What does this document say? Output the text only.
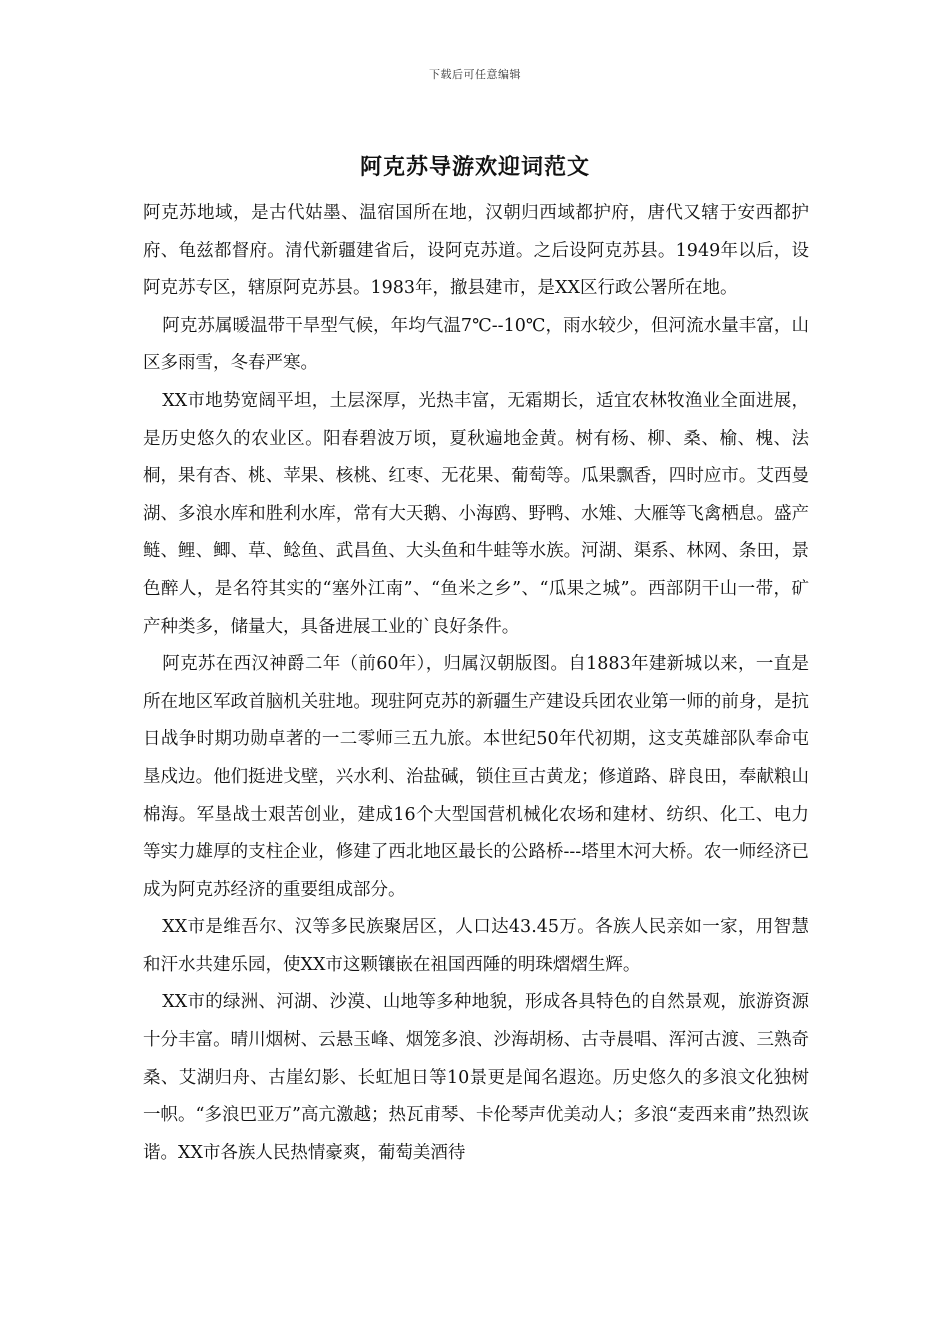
下载后可任意编辑
阿克苏导游欢迎词范文

阿克苏地域，是古代姑墨、温宿国所在地，汉朝归西域都护府，唐代又辖于安西都护府、龟兹都督府。清代新疆建省后，设阿克苏道。之后设阿克苏县。1949年以后，设阿克苏专区，辖原阿克苏县。1983年，撤县建市，是XX区行政公署所在地。

阿克苏属暖温带干旱型气候，年均气温7℃--10℃，雨水较少，但河流水量丰富，山区多雨雪，冬春严寒。

XX市地势宽阔平坦，土层深厚，光热丰富，无霜期长，适宜农林牧渔业全面进展，是历史悠久的农业区。阳春碧波万顷，夏秋遍地金黄。树有杨、柳、桑、榆、槐、法桐，果有杏、桃、苹果、核桃、红枣、无花果、葡萄等。瓜果飘香，四时应市。艾西曼湖、多浪水库和胜利水库，常有大天鹅、小海鸥、野鸭、水雉、大雁等飞禽栖息。盛产鲢、鲤、鲫、草、鲶鱼、武昌鱼、大头鱼和牛蛙等水族。河湖、渠系、林网、条田，景色醉人，是名符其实的“塞外江南”、“鱼米之乡”、“瓜果之城”。西部阴干山一带，矿产种类多，储量大，具备进展工业的`良好条件。

阿克苏在西汉神爵二年（前60年），归属汉朝版图。自1883年建新城以来，一直是所在地区军政首脑机关驻地。现驻阿克苏的新疆生产建设兵团农业第一师的前身，是抗日战争时期功勋卓著的一二零师三五九旅。本世纪50年代初期，这支英雄部队奉命屯垦戍边。他们挺进戈壁，兴水利、治盐碱，锁住亘古黄龙；修道路、辟良田，奉献粮山棉海。军垦战士艰苦创业，建成16个大型国营机械化农场和建材、纺织、化工、电力等实力雄厚的支柱企业，修建了西北地区最长的公路桥---塔里木河大桥。农一师经济已成为阿克苏经济的重要组成部分。

XX市是维吾尔、汉等多民族聚居区，人口达43.45万。各族人民亲如一家，用智慧和汗水共建乐园，使XX市这颗镶嵌在祖国西陲的明珠熠熠生辉。

XX市的绿洲、河湖、沙漠、山地等多种地貌，形成各具特色的自然景观，旅游资源十分丰富。晴川烟树、云悬玉峰、烟笼多浪、沙海胡杨、古寺晨唱、浑河古渡、三熟奇桑、艾湖归舟、古崖幻影、长虹旭日等10景更是闻名遐迩。历史悠久的多浪文化独树一帜。“多浪巴亚万”高亢激越；热瓦甫琴、卡伦琴声优美动人；多浪“麦西来甫”热烈诙谐。XX市各族人民热情豪爽，葡萄美酒待
